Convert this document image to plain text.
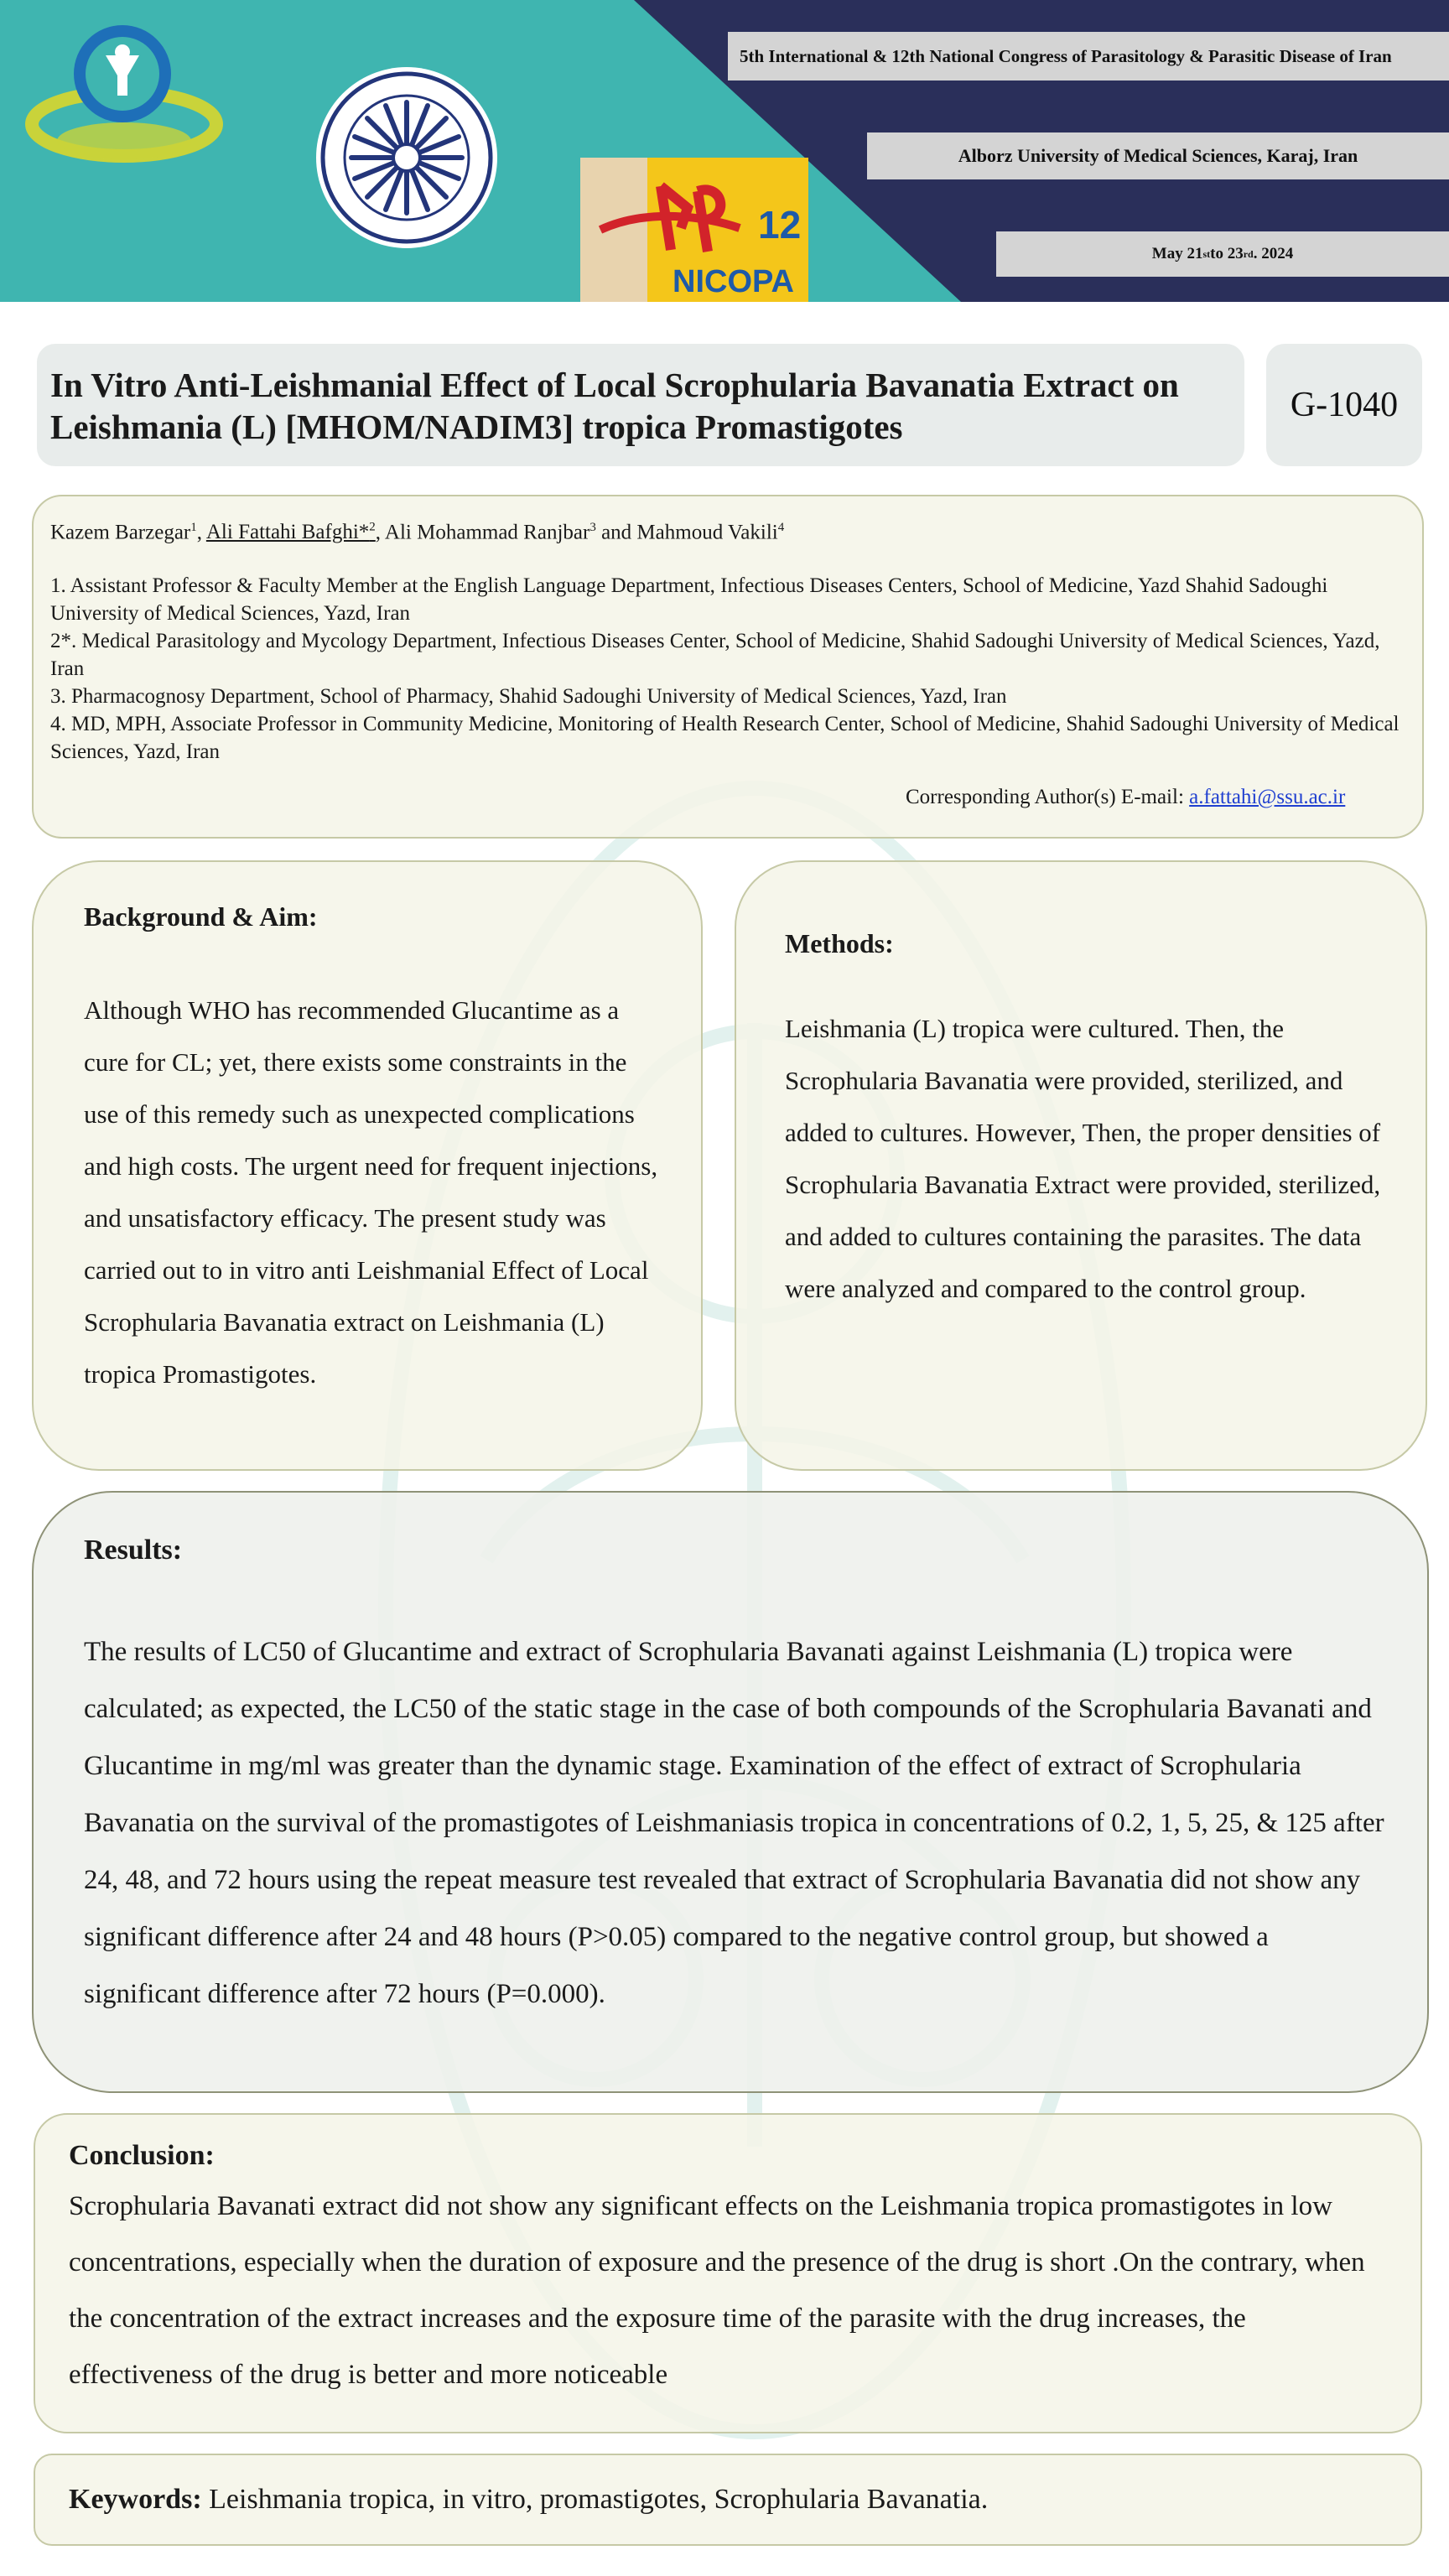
NICOPA
12
5th International & 12th National Congress of Parasitology & Parasitic Disease of Iran
Alborz University of Medical Sciences, Karaj, Iran
May 21 st to 23 rd . 2024

In Vitro Anti-Leishmanial Effect of Local Scrophularia Bavanatia Extract on Leishmania (L) [MHOM/NADIM3] tropica Promastigotes

G-1040

Kazem Barzegar$^1$, Ali Fattahi Bafghi*$^2$, Ali Mohammad Ranjbar$^3$ and Mahmoud Vakili$^4$

1. Assistant Professor & Faculty Member at the English Language Department, Infectious Diseases Centers, School of Medicine, Yazd Shahid Sadoughi University of Medical Sciences, Yazd, Iran

2*. Medical Parasitology and Mycology Department, Infectious Diseases Center, School of Medicine, Shahid Sadoughi University of Medical Sciences, Yazd, Iran

3. Pharmacognosy Department, School of Pharmacy, Shahid Sadoughi University of Medical Sciences, Yazd, Iran

4. MD, MPH, Associate Professor in Community Medicine, Monitoring of Health Research Center, School of Medicine, Shahid Sadoughi University of Medical Sciences, Yazd, Iran

Corresponding Author(s) E-mail: a.fattahi@ssu.ac.ir

Background & Aim:

Although WHO has recommended Glucantime as a cure for CL; yet, there exists some constraints in the use of this remedy such as unexpected complications and high costs. The urgent need for frequent injections, and unsatisfactory efficacy. The present study was carried out to in vitro anti Leishmanial Effect of Local Scrophularia Bavanatia extract on Leishmania (L) tropica Promastigotes.

Methods:

Leishmania (L) tropica were cultured. Then, the Scrophularia Bavanatia were provided, sterilized, and added to cultures. However, Then, the proper densities of Scrophularia Bavanatia Extract were provided, sterilized, and added to cultures containing the parasites. The data were analyzed and compared to the control group.

Results:

The results of LC50 of Glucantime and extract of Scrophularia Bavanati against Leishmania (L) tropica were calculated; as expected, the LC50 of the static stage in the case of both compounds of the Scrophularia Bavanati and Glucantime in mg/ml was greater than the dynamic stage. Examination of the effect of extract of Scrophularia Bavanatia on the survival of the promastigotes of Leishmaniasis tropica in concentrations of 0.2, 1, 5, 25, & 125 after 24, 48, and 72 hours using the repeat measure test revealed that extract of Scrophularia Bavanatia did not show any significant difference after 24 and 48 hours (P>0.05) compared to the negative control group, but showed a significant difference after 72 hours (P=0.000).

Conclusion:

Scrophularia Bavanati extract did not show any significant effects on the Leishmania tropica promastigotes in low concentrations, especially when the duration of exposure and the presence of the drug is short .On the contrary, when the concentration of the extract increases and the exposure time of the parasite with the drug increases, the effectiveness of the drug is better and more noticeable

Keywords: Leishmania tropica, in vitro, promastigotes, Scrophularia Bavanatia.
